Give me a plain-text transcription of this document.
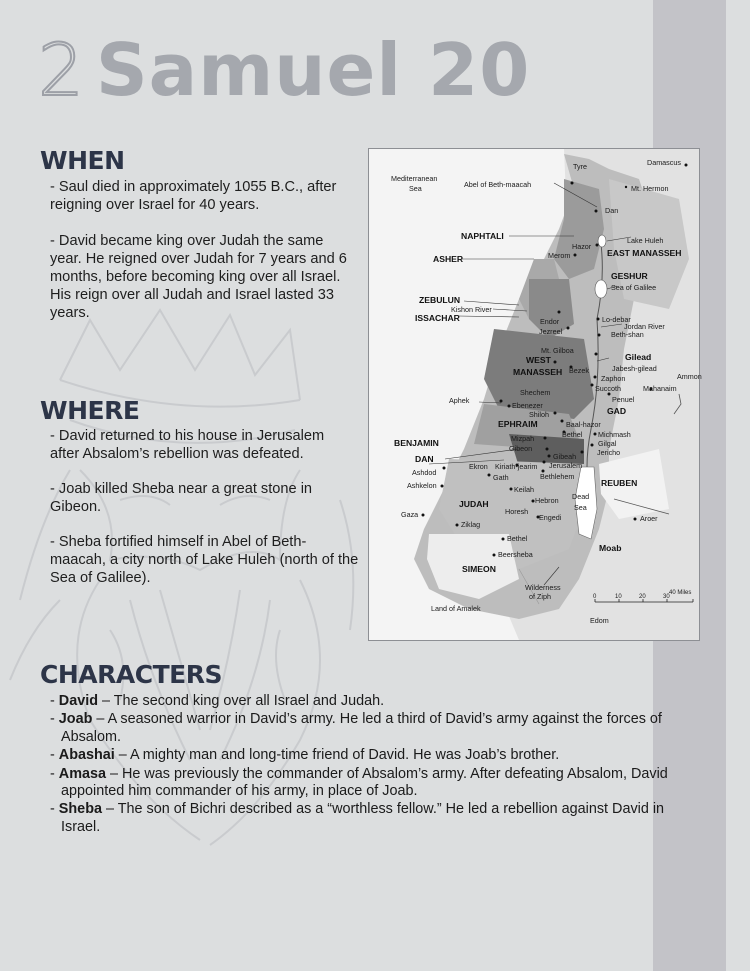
2 Samuel 20
WHEN

- Saul died in approximately 1055 B.C., after reigning over Israel for 40 years.

- David became king over Judah the same year. He reigned over Judah for 7 years and 6 months, before becoming king over all Israel. His reign over all Judah and Israel lasted 33 years.

WHERE

- David returned to his house in Jerusalem after Absalom’s rebellion was defeated.

- Joab killed Sheba near a great stone in Gibeon.

- Sheba fortified himself in Abel of Beth-maacah, a city north of Lake Huleh (north of the Sea of Galilee).

Tyre	Damascus
Mediterranean
Sea	Abel of Beth-maacah	Mt. Hermon
Dan
NAPHTALI	Lake Huleh
Hazor
ASHER	Merom	EAST MANASSEH
GESHUR
Sea of Galilee
ZEBULUN
Kishon River
ISSACHAR	Endor	Lo-debar
Jordan River
Jezreel	Beth-shan
Mt. Gilboa
Gilead
WEST
MANASSEH Bezek	Jabesh-gilead
Ammon
Zaphon
Succoth	Mahanaim
Shechem
Penuel
Aphek
Ebenezer
GAD
Shiloh
EPHRAIM	Baal-hazor
Bethel Michmash
BENJAMIN	Mizpah
Gilgal
Gibeon
Gibeah	Jericho
DAN
Kiriath-jearim Jerusalem
Ashdod
Ekron
Bethlehem
Gath
REUBEN
Ashkelon	Keilah
JUDAH	Hebron Dead
Sea
Gaza	Horesh
Engedi	Aroer
Ziklag
Bethel
Moab
Beersheba
SIMEON
Wilderness
of Ziph
Land of Amalek
Edom
0	10	20	30
40 Miles
CHARACTERS
- David – The second king over all Israel and Judah.
- Joab – A seasoned warrior in David’s army. He led a third of David’s army against the forces of Absalom.
- Abashai – A mighty man and long-time friend of David. He was Joab’s brother.
- Amasa – He was previously the commander of Absalom’s army. After defeating Absalom, David appointed him commander of his army, in place of Joab.
- Sheba – The son of Bichri described as a “worthless fellow.” He led a rebellion against David in Israel.
